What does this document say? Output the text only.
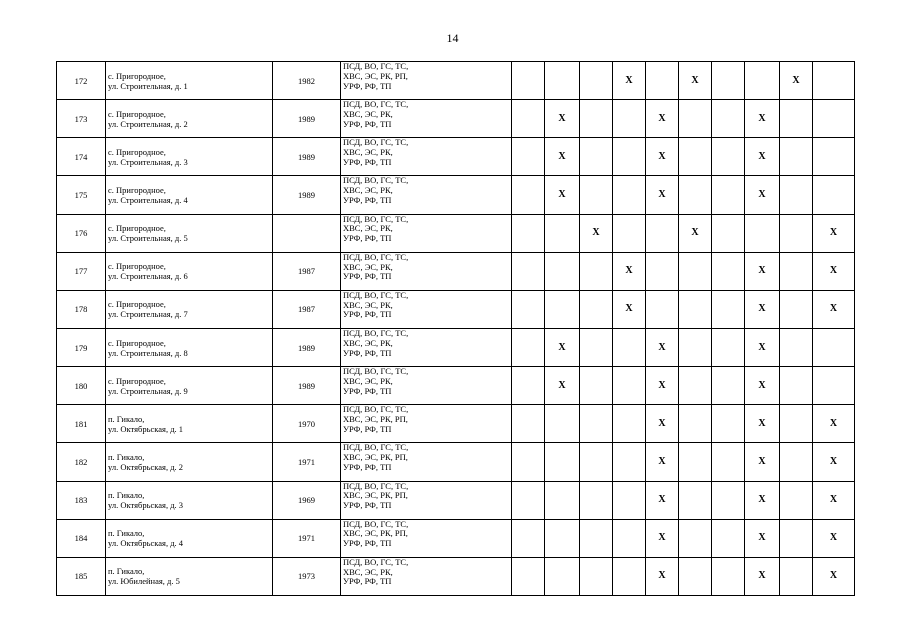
14
172	с. Пригородное,
ул. Строительная, д. 1	1982	ПСД, ВО, ГС, ТС,
ХВС, ЭС, РК, РП,
УРФ, РФ, ТП				X		X			X	
173	с. Пригородное,
ул. Строительная, д. 2	1989	ПСД, ВО, ГС, ТС,
ХВС, ЭС, РК,
УРФ, РФ, ТП		X			X			X		
174	с. Пригородное,
ул. Строительная, д. 3	1989	ПСД, ВО, ГС, ТС,
ХВС, ЭС, РК,
УРФ, РФ, ТП		X			X			X		
175	с. Пригородное,
ул. Строительная, д. 4	1989	ПСД, ВО, ГС, ТС,
ХВС, ЭС, РК,
УРФ, РФ, ТП		X			X			X		
176	с. Пригородное,
ул. Строительная, д. 5		ПСД, ВО, ГС, ТС,
ХВС, ЭС, РК,
УРФ, РФ, ТП			X			X				X
177	с. Пригородное,
ул. Строительная, д. 6	1987	ПСД, ВО, ГС, ТС,
ХВС, ЭС, РК,
УРФ, РФ, ТП				X				X		X
178	с. Пригородное,
ул. Строительная, д. 7	1987	ПСД, ВО, ГС, ТС,
ХВС, ЭС, РК,
УРФ, РФ, ТП				X				X		X
179	с. Пригородное,
ул. Строительная, д. 8	1989	ПСД, ВО, ГС, ТС,
ХВС, ЭС, РК,
УРФ, РФ, ТП		X			X			X		
180	с. Пригородное,
ул. Строительная, д. 9	1989	ПСД, ВО, ГС, ТС,
ХВС, ЭС, РК,
УРФ, РФ, ТП		X			X			X		
181	п. Гикало,
ул. Октябрьская, д. 1	1970	ПСД, ВО, ГС, ТС,
ХВС, ЭС, РК, РП,
УРФ, РФ, ТП					X			X		X
182	п. Гикало,
ул. Октябрьская, д. 2	1971	ПСД, ВО, ГС, ТС,
ХВС, ЭС, РК, РП,
УРФ, РФ, ТП					X			X		X
183	п. Гикало,
ул. Октябрьская, д. 3	1969	ПСД, ВО, ГС, ТС,
ХВС, ЭС, РК, РП,
УРФ, РФ, ТП					X			X		X
184	п. Гикало,
ул. Октябрьская, д. 4	1971	ПСД, ВО, ГС, ТС,
ХВС, ЭС, РК, РП,
УРФ, РФ, ТП					X			X		X
185	п. Гикало,
ул. Юбилейная, д. 5	1973	ПСД, ВО, ГС, ТС,
ХВС, ЭС, РК,
УРФ, РФ, ТП					X			X		X
